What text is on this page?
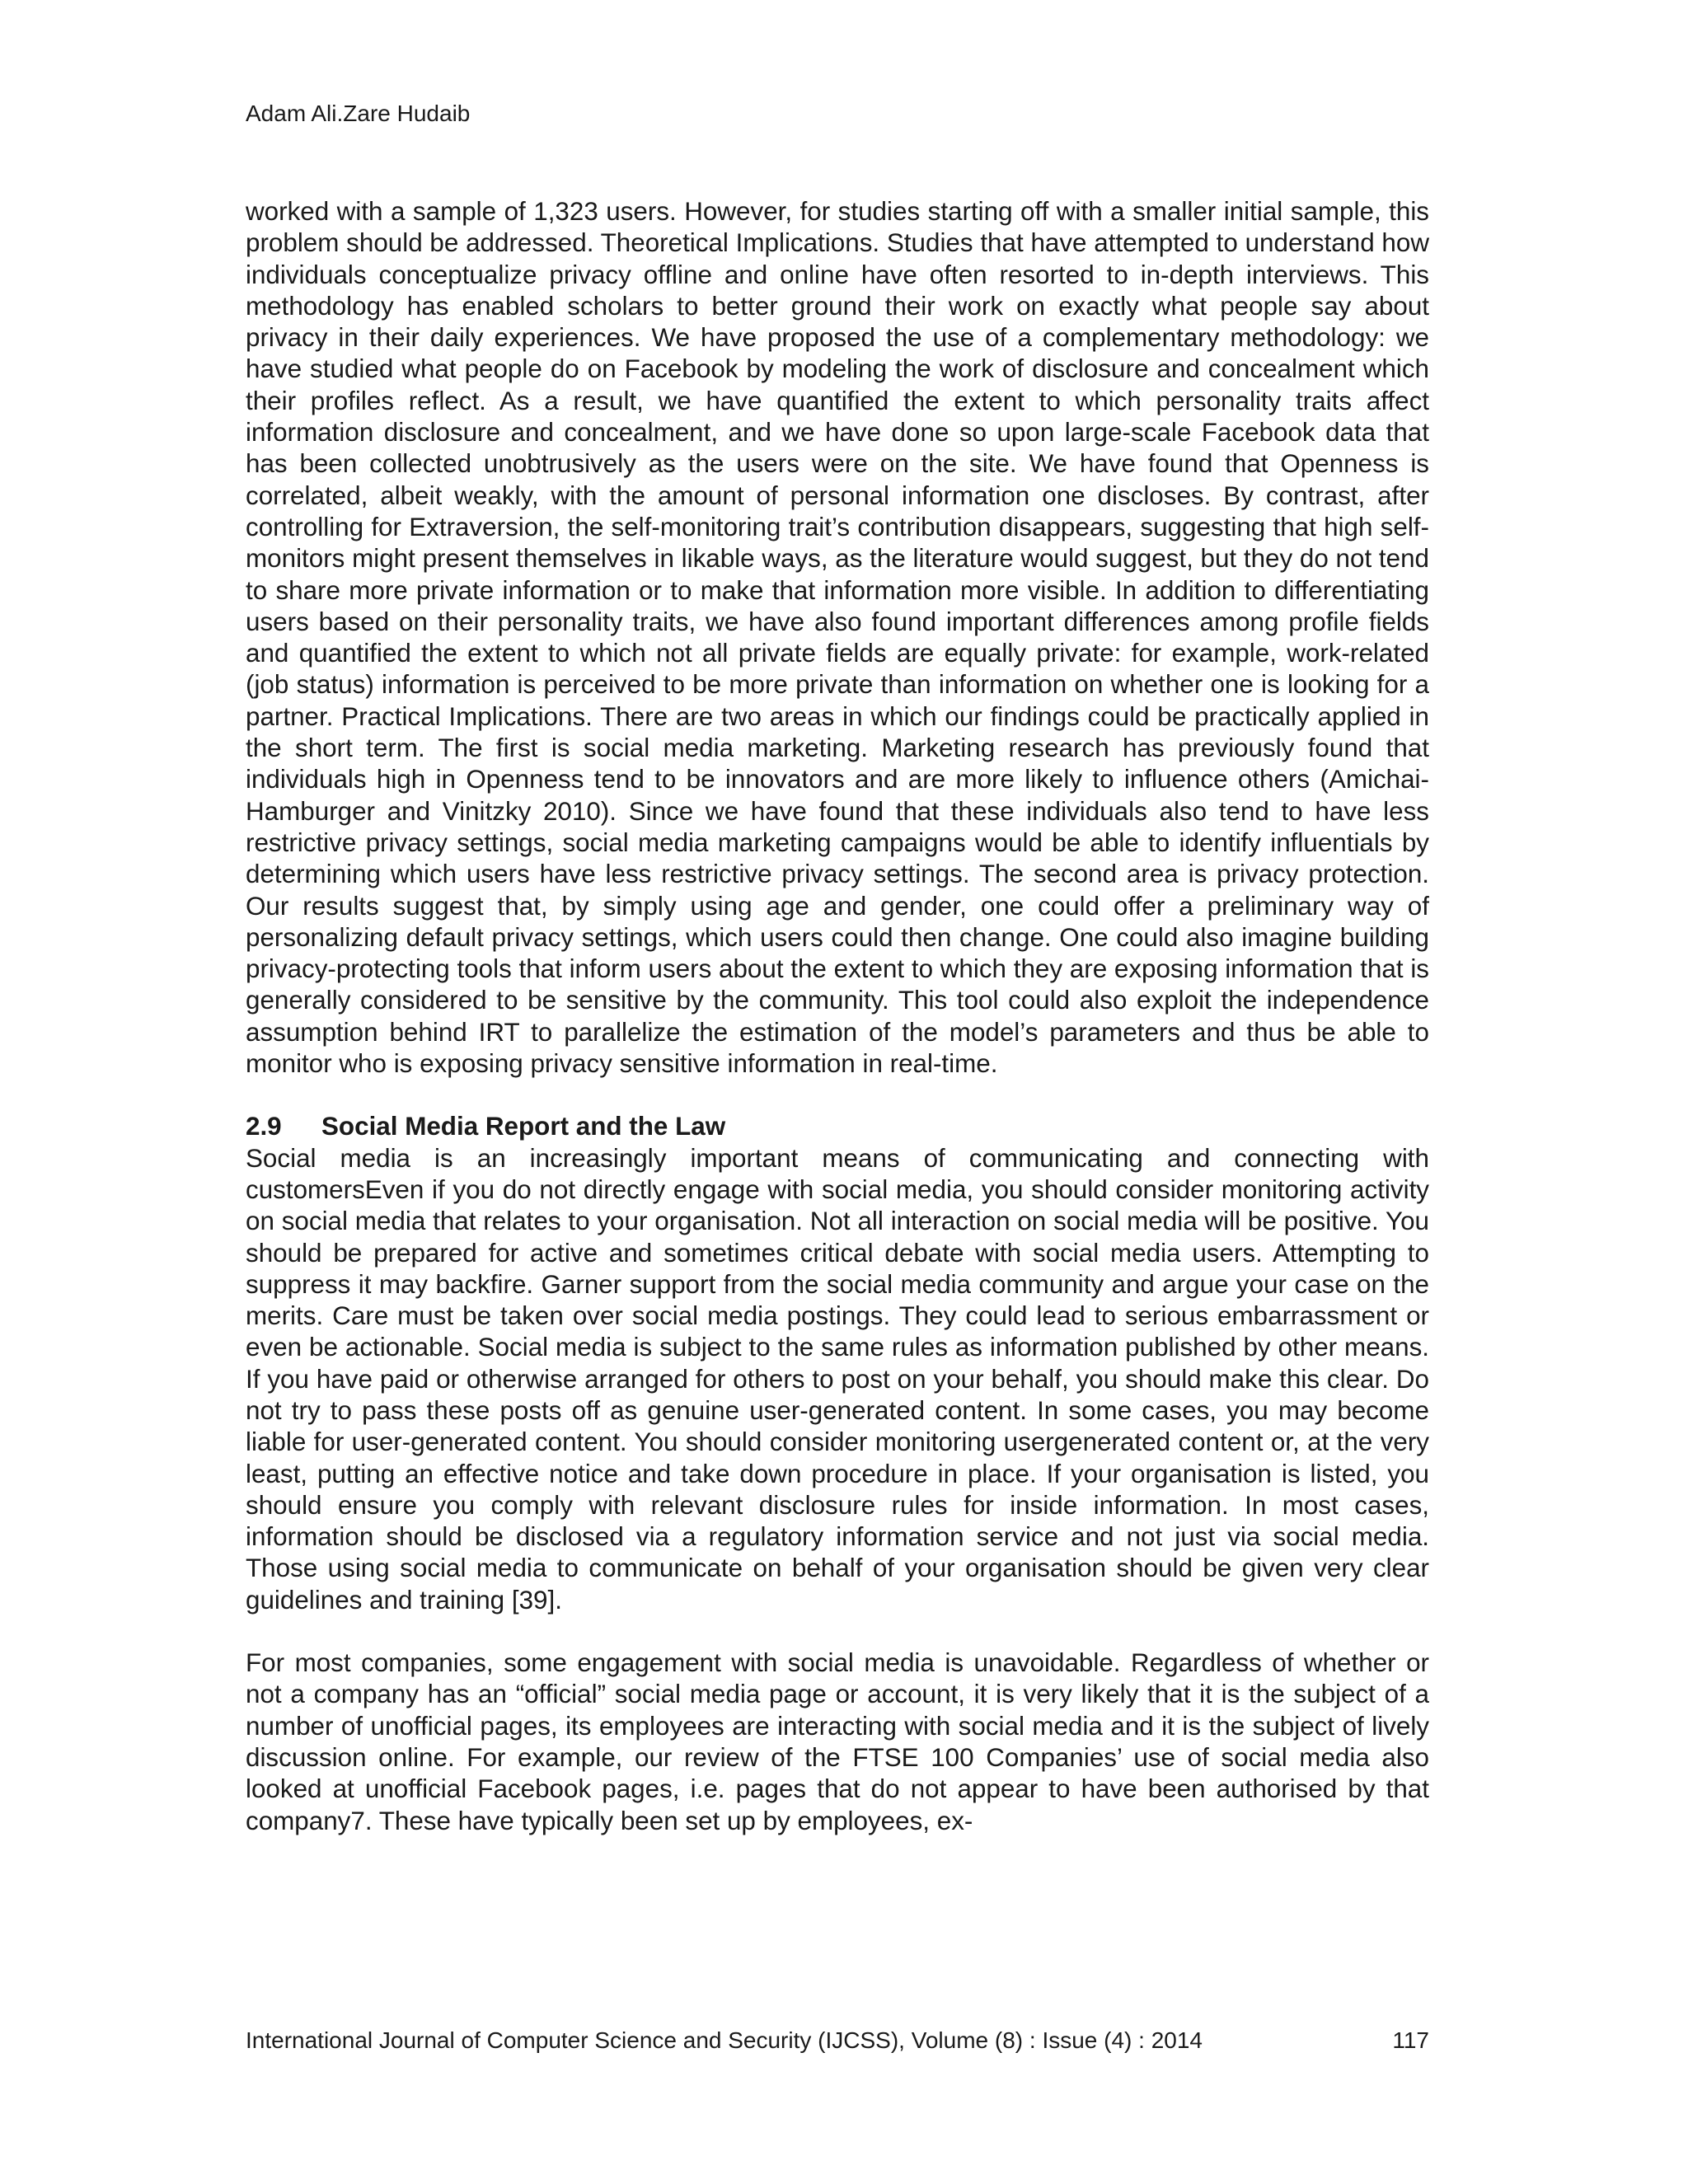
Adam Ali.Zare Hudaib

worked with a sample of 1,323 users. However, for studies starting off with a smaller initial sample, this problem should be addressed. Theoretical Implications. Studies that have attempted to understand how individuals conceptualize privacy offline and online have often resorted to in-depth interviews. This methodology has enabled scholars to better ground their work on exactly what people say about privacy in their daily experiences. We have proposed the use of a complementary methodology: we have studied what people do on Facebook by modeling the work of disclosure and concealment which their profiles reflect. As a result, we have quantified the extent to which personality traits affect information disclosure and concealment, and we have done so upon large-scale Facebook data that has been collected unobtrusively as the users were on the site. We have found that Openness is correlated, albeit weakly, with the amount of personal information one discloses. By contrast, after controlling for Extraversion, the self-monitoring trait’s contribution disappears, suggesting that high self-monitors might present themselves in likable ways, as the literature would suggest, but they do not tend to share more private information or to make that information more visible. In addition to differentiating users based on their personality traits, we have also found important differences among profile fields and quantified the extent to which not all private fields are equally private: for example, work-related (job status) information is perceived to be more private than information on whether one is looking for a partner. Practical Implications. There are two areas in which our findings could be practically applied in the short term. The first is social media marketing. Marketing research has previously found that individuals high in Openness tend to be innovators and are more likely to influence others (Amichai- Hamburger and Vinitzky 2010). Since we have found that these individuals also tend to have less restrictive privacy settings, social media marketing campaigns would be able to identify influentials by determining which users have less restrictive privacy settings. The second area is privacy protection. Our results suggest that, by simply using age and gender, one could offer a preliminary way of personalizing default privacy settings, which users could then change. One could also imagine building privacy-protecting tools that inform users about the extent to which they are exposing information that is generally considered to be sensitive by the community. This tool could also exploit the independence assumption behind IRT to parallelize the estimation of the model’s parameters and thus be able to monitor who is exposing privacy sensitive information in real-time.

2.9	Social Media Report and the Law

Social media is an increasingly important means of communicating and connecting with customersEven if you do not directly engage with social media, you should consider monitoring activity on social media that relates to your organisation. Not all interaction on social media will be positive. You should be prepared for active and sometimes critical debate with social media users. Attempting to suppress it may backfire. Garner support from the social media community and argue your case on the merits. Care must be taken over social media postings. They could lead to serious embarrassment or even be actionable. Social media is subject to the same rules as information published by other means. If you have paid or otherwise arranged for others to post on your behalf, you should make this clear. Do not try to pass these posts off as genuine user-generated content. In some cases, you may become liable for user-generated content. You should consider monitoring usergenerated content or, at the very least, putting an effective notice and take down procedure in place. If your organisation is listed, you should ensure you comply with relevant disclosure rules for inside information. In most cases, information should be disclosed via a regulatory information service and not just via social media. Those using social media to communicate on behalf of your organisation should be given very clear guidelines and training [39].

For most companies, some engagement with social media is unavoidable. Regardless of whether or not a company has an “official” social media page or account, it is very likely that it is the subject of a number of unofficial pages, its employees are interacting with social media and it is the subject of lively discussion online. For example, our review of the FTSE 100 Companies’ use of social media also looked at unofficial Facebook pages, i.e. pages that do not appear to have been authorised by that company7. These have typically been set up by employees, ex-

International Journal of Computer Science and Security (IJCSS), Volume (8) : Issue (4) : 2014	117
